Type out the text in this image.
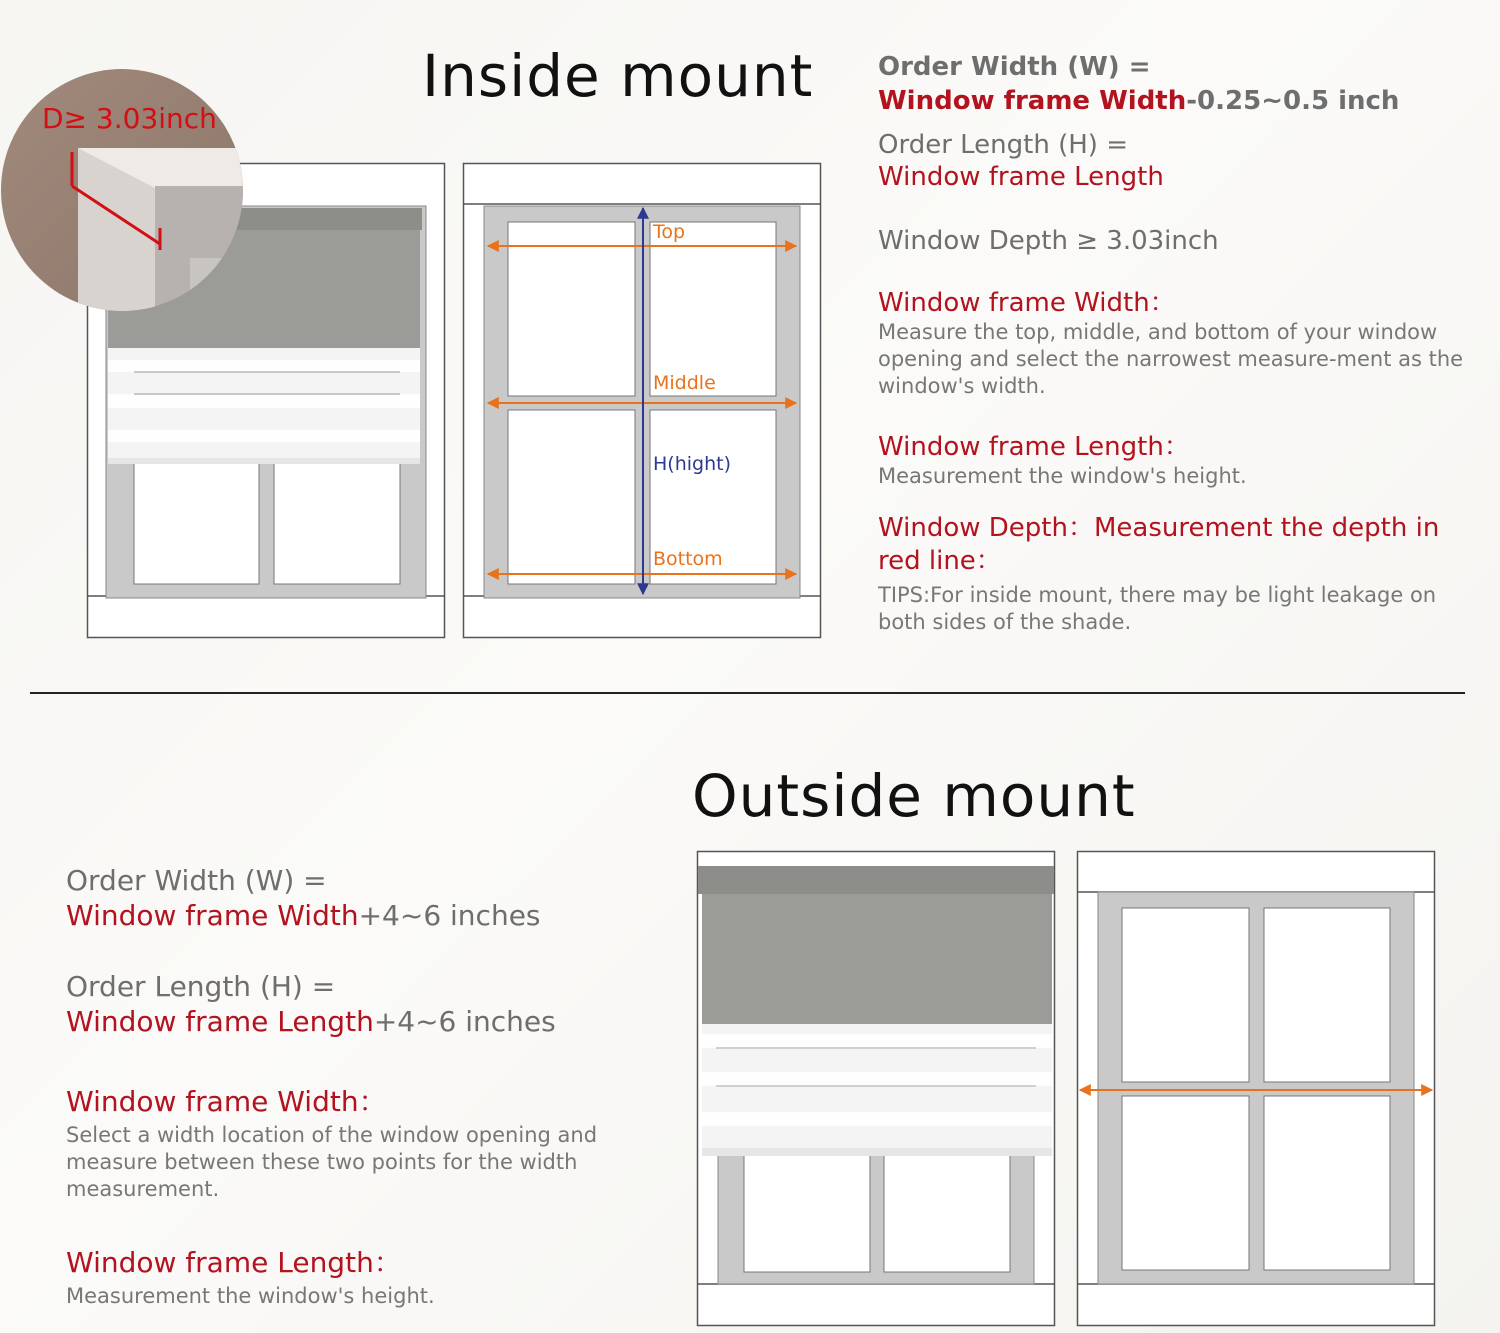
Inside mount
D≥ 3.03inch
Top
Middle
H(hight)
Bottom
Order Width (W) =
Window frame Width-0.25~0.5 inch
Order Length (H) =
Window frame Length
Window Depth ≥ 3.03inch
Window frame Width：
Measure the top, middle, and bottom of your window opening and select the narrowest measure-ment as the window's width.
Window frame Length：
Measurement the window's height.
Window Depth：Measurement the depth in red line：
TIPS:For inside mount, there may be light leakage on both sides of the shade.
Outside mount
Order Width (W) =
Window frame Width+4~6 inches
Order Length (H) =
Window frame Length+4~6 inches
Window frame Width：
Select a width location of the window opening and measure between these two points for the width measurement.
Window frame Length：
Measurement the window's height.
